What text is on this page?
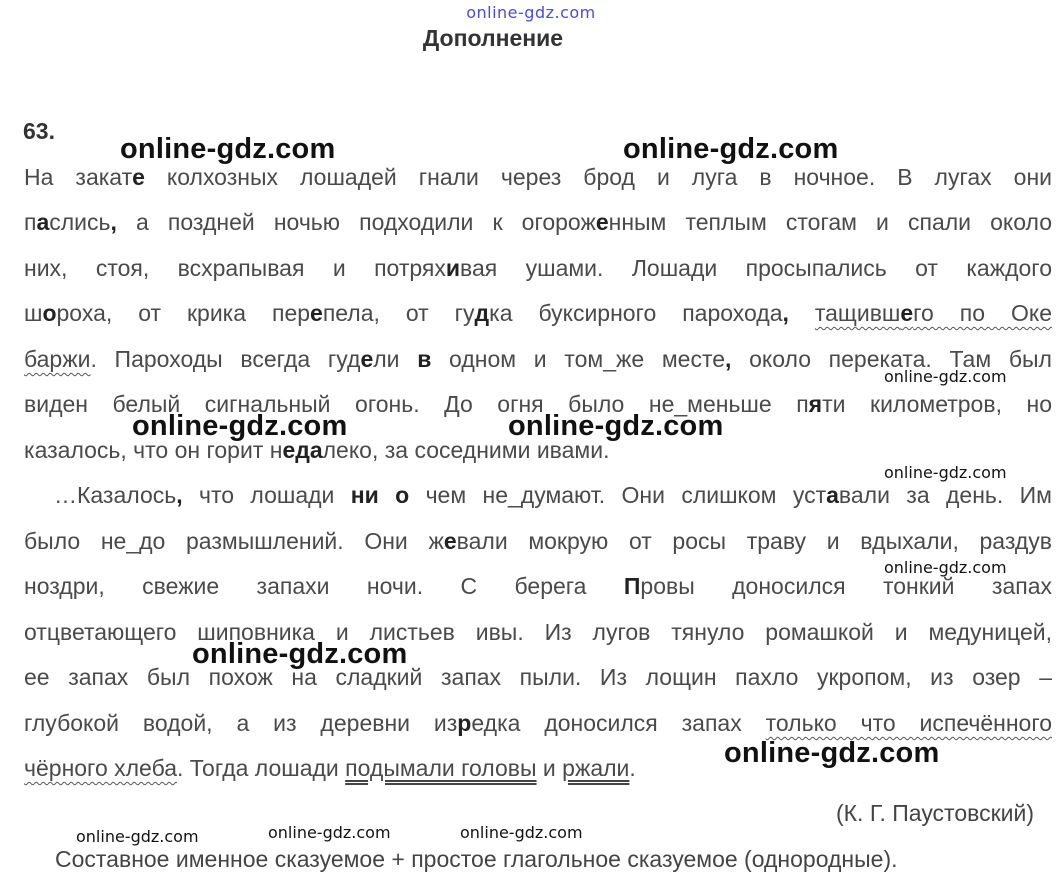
online-gdz.com
Дополнение
63.
На закате колхозных лошадей гнали через брод и луга в ночное. В лугах они
паслись, а поздней ночью подходили к огороженным теплым стогам и спали около
них, стоя, всхрапывая и потряхивая ушами. Лошади просыпались от каждого
шороха, от крика перепела, от гудка буксирного парохода, тащившего по Оке
баржи. Пароходы всегда гудели в одном и том_же месте, около переката. Там был
виден белый сигнальный огонь. До огня было не_меньше пяти километров, но
казалось, что он горит недалеко, за соседними ивами.
…Казалось, что лошади ни о чем не_думают. Они слишком уставали за день. Им
было не_до размышлений. Они жевали мокрую от росы траву и вдыхали, раздув
ноздри, свежие запахи ночи. С берега Провы доносился тонкий запах
отцветающего шиповника и листьев ивы. Из лугов тянуло ромашкой и медуницей,
ее запах был похож на сладкий запах пыли. Из лощин пахло укропом, из озер –
глубокой водой, а из деревни изредка доносился запах только что испечённого
чёрного хлеба. Тогда лошади подымали головы и ржали.
(К. Г. Паустовский)
Составное именное сказуемое + простое глагольное сказуемое (однородные).
online-gdz.com	online-gdz.com
online-gdz.com
online-gdz.com	online-gdz.com
online-gdz.com
online-gdz.com
online-gdz.com
online-gdz.com
online-gdz.com	online-gdz.com	online-gdz.com
